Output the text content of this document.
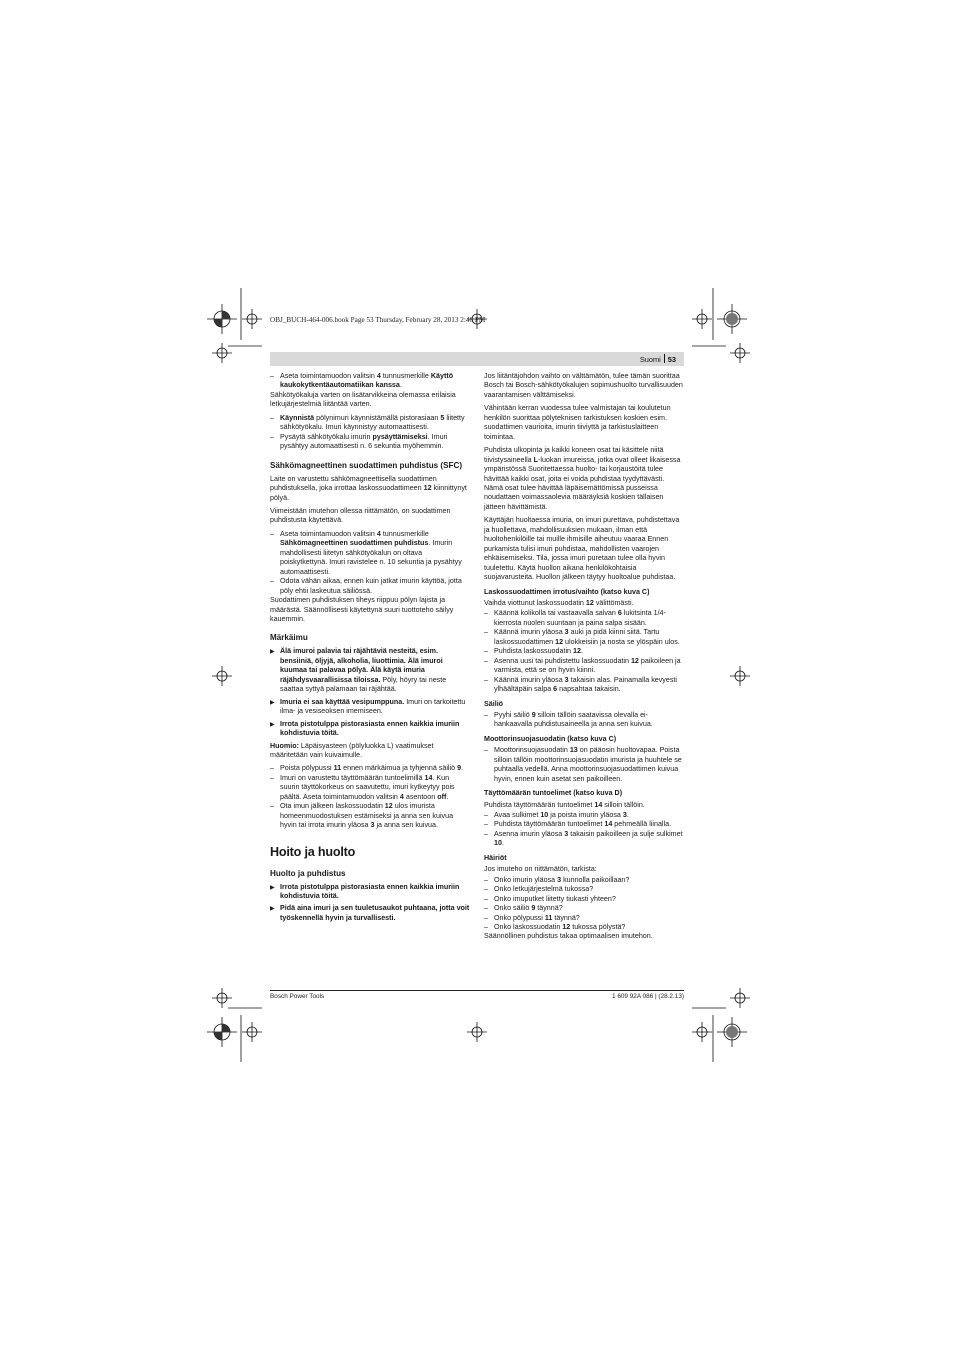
OBJ_BUCH-464-006.book Page 53 Thursday, February 28, 2013 2:46 PM
Suomi 53
– Aseta toimintamuodon valitsin 4 tunnusmerkille Käyttö kaukokytkentäautomatiikan kanssa.
Sähkötyökaluja varten on lisätarvikkeina olemassa erilaisia letkujärjestelmiä liitäntää varten.
– Käynnistä pölynimuri käynnistämällä pistorasiaan 5 liitetty sähkötyökalu. Imuri käynnistyy automaattisesti.
– Pysäytä sähkötyökalu imurin pysäyttämiseksi. Imuri pysähtyy automaattisesti n. 6 sekuntia myöhemmin.
Sähkömagneettinen suodattimen puhdistus (SFC)
Laite on varustettu sähkömagneettisella suodattimen puhdistuksella, joka irrottaa laskossuodattimeen 12 kiinnittynyt pölyä.
Viimeistään imutehon ollessa riittämätön, on suodattimen puhdistusta käytettävä.
– Aseta toimintamuodon valitsin 4 tunnusmerkille Sähkömagneettinen suodattimen puhdistus. Imurin mahdollisesti liitetyn sähkötyökalun on oltava poiskytkettynä. Imuri ravistelee n. 10 sekuntia ja pysähtyy automaattisesti.
– Odota vähän aikaa, ennen kuin jatkat imurin käyttöä, jotta pöly ehtii laskeutua säiliössä.
Suodattimen puhdistuksen tiheys riippuu pölyn lajista ja määrästä. Säännöllisesti käytettynä suuri tuottoteho säilyy kauemmin.
Märkäimu
▶ Älä imuroi palavia tai räjähtäviä nesteitä, esim. bensiiniä, öljyjä, alkoholia, liuottimia. Älä imuroi kuumaa tai palavaa pölyä. Älä käytä imuria räjähdysvaarallisissa tiloissa. Pöly, höyry tai neste saattaa syttyä palamaan tai räjähtää.
▶ Imuria ei saa käyttää vesipumppuna. Imuri on tarkoitettu ilma- ja vesiseoksen imemiseen.
▶ Irrota pistotulppa pistorasiasta ennen kaikkia imuriin kohdistuvia töitä.
Huomio: Läpäisyasteen (pölyluokka L) vaatimukset määritetään vain kuivaimulle.
– Poista pölypussi 11 ennen märkäimua ja tyhjennä säiliö 9.
– Imuri on varustettu täyttömäärän tuntoelimillä 14. Kun suurin täyttökorkeus on saavutettu, imuri kytkeytyy pois päältä. Aseta toimintamuodon valitsin 4 asentoon off.
– Ota imun jälkeen laskossuodatin 12 ulos imurista homeenmuodostuksen estämiseksi ja anna sen kuivua hyvin tai irrota imurin yläosa 3 ja anna sen kuivua.
Hoito ja huolto
Huolto ja puhdistus
▶ Irrota pistotulppa pistorasiasta ennen kaikkia imuriin kohdistuvia töitä.
▶ Pidä aina imuri ja sen tuuletusaukot puhtaana, jotta voit työskennellä hyvin ja turvallisesti.
Jos liitäntäjohdon vaihto on välttämätön, tulee tämän suorittaa Bosch tai Bosch-sähkötyökalujen sopimushuolto turvallisuuden vaarantamisen välttämiseksi.
Vähintään kerran vuodessa tulee valmistajan tai koulutetun henkilön suorittaa pölyteknisen tarkistuksen koskien esim. suodattimen vaurioita, imurin tiiviyttä ja tarkistuslaitteen toimintaa.
Puhdista ulkopinta ja kaikki koneen osat tai käsittele niitä tiivistysaineella L-luokan imureissa, jotka ovat olleet likaisessa ympäristössä Suoritettaessa huolto- tai korjaustöitä tulee hävittää kaikki osat, joita ei voida puhdistaa tyydyttävästi. Nämä osat tulee hävittää läpäisemättömissä pusseissa noudattaen voimassaolevia määräyksiä koskien tällaisen jätteen hävittämistä.
Käyttäjän huoltaessa imuria, on imuri purettava, puhdistettava ja huollettava, mahdollisuuksien mukaan, ilman että huoltohenkilöille tai muille ihmisille aiheutuu vaaraa Ennen purkamista tulisi imuri puhdistaa, mahdollisten vaarojen ehkäisemiseksi. Tila, jossa imuri puretaan tulee olla hyvin tuuletettu. Käytä huollon aikana henkilökohtaisia suojavarusteita. Huollon jälkeen täytyy huoltoalue puhdistaa.
Laskossuodattimen irrotus/vaihto (katso kuva C)
Vaihda viottunut laskossuodatin 12 välittömästi.
– Käännä kolikolla tai vastaavalla salvan 6 lukitsinta 1/4-kierrosta nuolen suuntaan ja paina salpa sisään.
– Käännä imurin yläosa 3 auki ja pidä kiinni siitä. Tartu laskossuodattimen 12 ulokkeisiin ja nosta se ylöspäin ulos.
– Puhdista laskossuodatin 12.
– Asenna uusi tai puhdistettu laskossuodatin 12 paikoileen ja varmista, että se on hyvin kiinni.
– Käännä imurin yläosa 3 takaisin alas. Painamalla kevyesti ylhäältäpäin salpa 6 napsahtaa takaisin.
Säiliö
– Pyyhi säiliö 9 silloin tällöin saatavissa olevalla ei-hankaavalla puhdistusaineella ja anna sen kuivua.
Moottorinsuojasuodatin (katso kuva C)
– Moottorinsuojasuodatin 13 on pääosin huoltovapaa. Poista silloin tällöin moottorinsuojasuodatin imurista ja huuhtele se puhtaalla vedellä. Anna moottorinsuojasuodattimen kuivua hyvin, ennen kuin asetat sen paikoilleen.
Täyttömäärän tuntoelimet (katso kuva D)
Puhdista täyttömäärän tuntoelimet 14 silloin tällöin.
– Avaa sulkimet 10 ja poista imurin yläosa 3.
– Puhdista täyttömäärän tuntoelimet 14 pehmeällä liinalla.
– Asenna imurin yläosa 3 takaisin paikoilleen ja sulje sulkimet 10.
Häiriöt
Jos imuteho on riittämätön, tarkista:
– Onko imurin yläosa 3 kunnolla paikoillaan?
– Onko letkujärjestelmä tukossa?
– Onko imuputket liitetty tiukasti yhteen?
– Onko säiliö 9 täynnä?
– Onko pölypussi 11 täynnä?
– Onko laskossuodatin 12 tukossa pölystä?
Säännöllinen puhdistus takaa optimaalisen imutehon.
Bosch Power Tools	1 609 92A 086 | (28.2.13)
